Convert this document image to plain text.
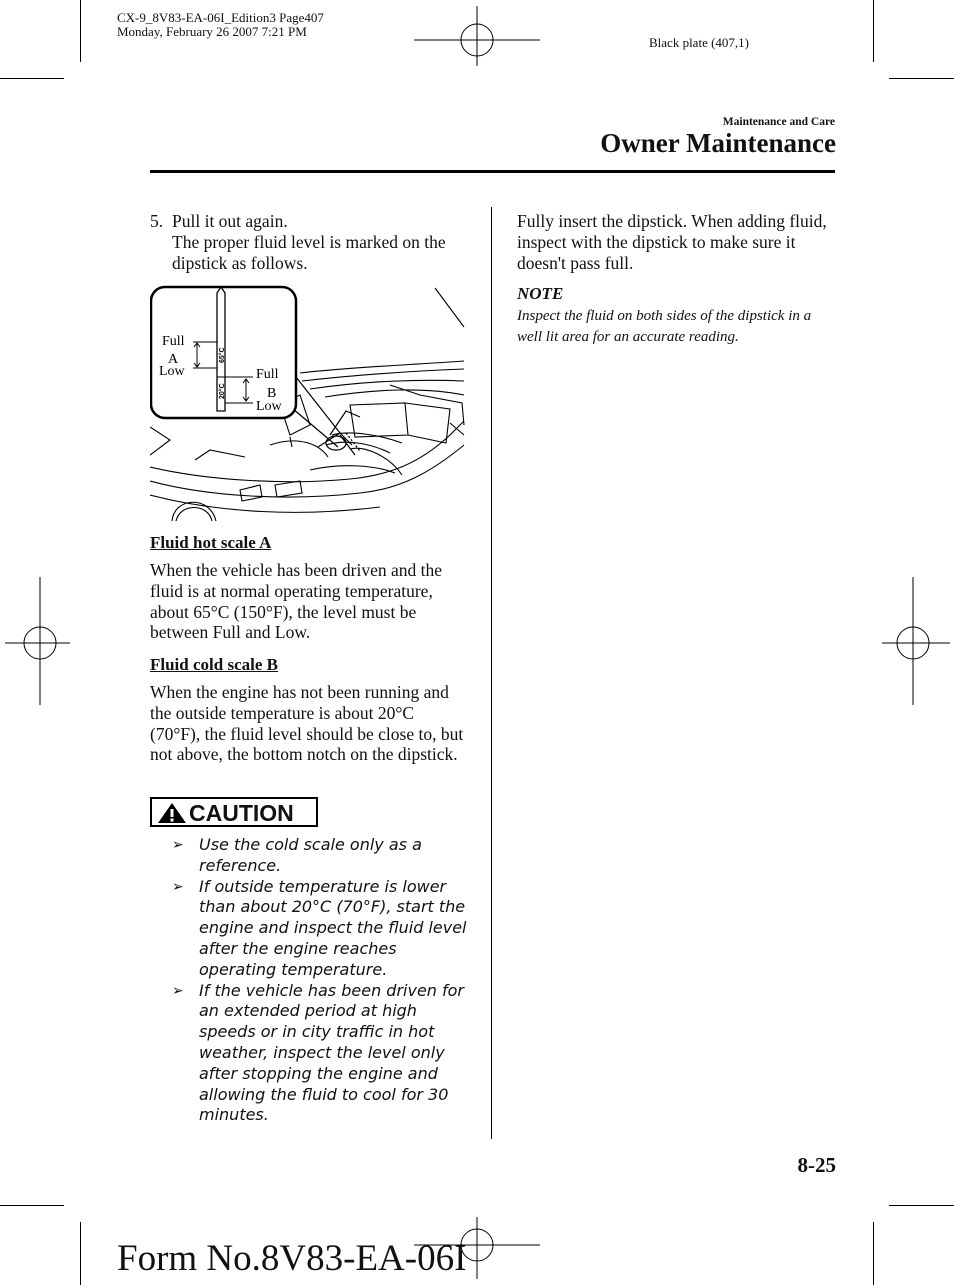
CX-9_8V83-EA-06I_Edition3 Page407
Monday, February 26 2007 7:21 PM
Black plate (407,1)
Maintenance and Care
Owner Maintenance
5. Pull it out again.
The proper fluid level is marked on the dipstick as follows.
65°C
20°C
Full
A
Low	Full
B
Low
Fluid hot scale A
When the vehicle has been driven and the fluid is at normal operating temperature, about 65°C (150°F), the level must be between Full and Low.
Fluid cold scale B
When the engine has not been running and the outside temperature is about 20°C (70°F), the fluid level should be close to, but not above, the bottom notch on the dipstick.
CAUTION
➢ Use the cold scale only as a reference.
➢ If outside temperature is lower than about 20°C (70°F), start the engine and inspect the fluid level after the engine reaches operating temperature.
➢ If the vehicle has been driven for an extended period at high speeds or in city traffic in hot weather, inspect the level only after stopping the engine and allowing the fluid to cool for 30 minutes.
Fully insert the dipstick. When adding fluid, inspect with the dipstick to make sure it doesn't pass full.
NOTE
Inspect the fluid on both sides of the dipstick in a well lit area for an accurate reading.
8-25
Form No.8V83-EA-06I
